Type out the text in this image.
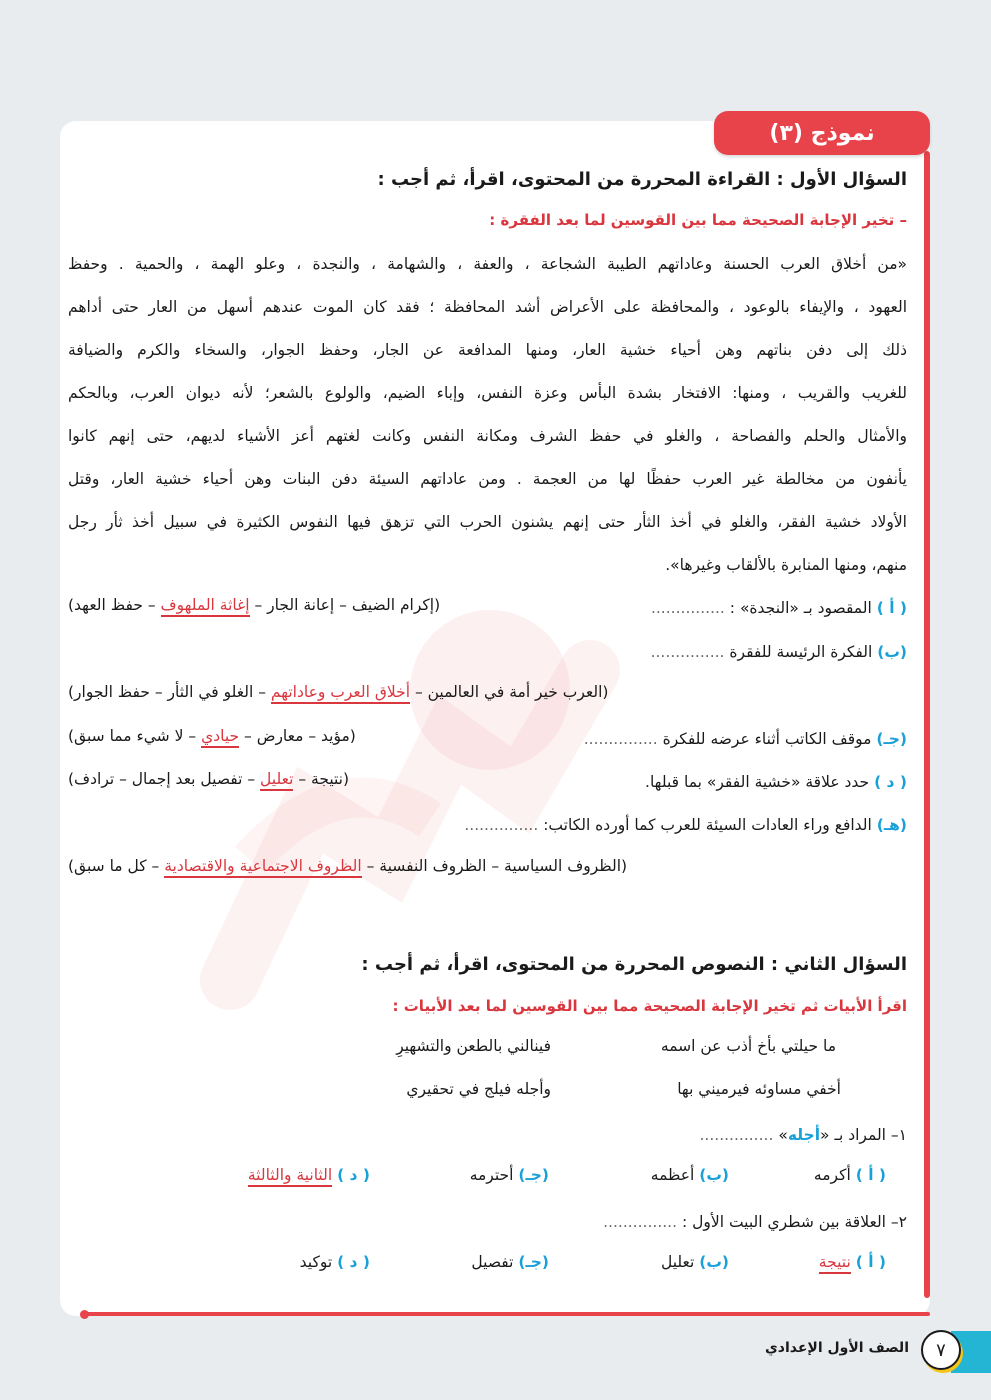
نموذج (٣)
السؤال الأول : القراءة المحررة من المحتوى، اقرأ، ثم أجب :
– تخير الإجابة الصحيحة مما بين القوسين لما بعد الفقرة :
«من أخلاق العرب الحسنة وعاداتهم الطيبة الشجاعة ، والعفة ، والشهامة ، والنجدة ، وعلو الهمة ، والحمية . وحفظ
العهود ، والإيفاء بالوعود ، والمحافظة على الأعراض أشد المحافظة ؛ فقد كان الموت عندهم أسهل من العار حتى أداهم
ذلك إلى دفن بناتهم وهن أحياء خشية العار، ومنها المدافعة عن الجار، وحفظ الجوار، والسخاء والكرم والضيافة
للغريب والقريب ، ومنها: الافتخار بشدة البأس وعزة النفس، وإباء الضيم، والولوع بالشعر؛ لأنه ديوان العرب، وبالحكم
والأمثال والحلم والفصاحة ، والغلو في حفظ الشرف ومكانة النفس وكانت لغتهم أعز الأشياء لديهم، حتى إنهم كانوا
يأنفون من مخالطة غير العرب حفظًا لها من العجمة . ومن عاداتهم السيئة دفن البنات وهن أحياء خشية العار، وقتل
الأولاد خشية الفقر، والغلو في أخذ الثأر حتى إنهم يشنون الحرب التي تزهق فيها النفوس الكثيرة في سبيل أخذ ثأر رجل
منهم، ومنها المنابرة بالألقاب وغيرها».
( أ ) المقصود بـ «النجدة» : ...............
(إكرام الضيف – إعانة الجار – إغاثة الملهوف – حفظ العهد)
(ب) الفكرة الرئيسة للفقرة ...............
(العرب خير أمة في العالمين – أخلاق العرب وعاداتهم – الغلو في الثأر – حفظ الجوار)
(جـ) موقف الكاتب أثناء عرضه للفكرة ...............
(مؤيد – معارض – حيادي – لا شيء مما سبق)
( د ) حدد علاقة «خشية الفقر» بما قبلها.
(نتيجة – تعليل – تفصيل بعد إجمال – ترادف)
(هـ) الدافع وراء العادات السيئة للعرب كما أورده الكاتب: ...............
(الظروف السياسية – الظروف النفسية – الظروف الاجتماعية والاقتصادية – كل ما سبق)
السؤال الثاني : النصوص المحررة من المحتوى، اقرأ، ثم أجب :
اقرأ الأبيات ثم تخير الإجابة الصحيحة مما بين القوسين لما بعد الأبيات :
ما حيلتي بأخ أذب عن اسمه
فينالني بالطعن والتشهيرِ
أخفي مساوئه فيرميني بها
وأجله فيلج في تحقيري
١– المراد بـ «أجله» ...............
( أ ) أكرمه
(ب) أعظمه
(جـ) أحترمه
( د ) الثانية والثالثة
٢– العلاقة بين شطري البيت الأول : ...............
( أ ) نتيجة
(ب) تعليل
(جـ) تفصيل
( د ) توكيد
٧
الصف الأول الإعدادي
